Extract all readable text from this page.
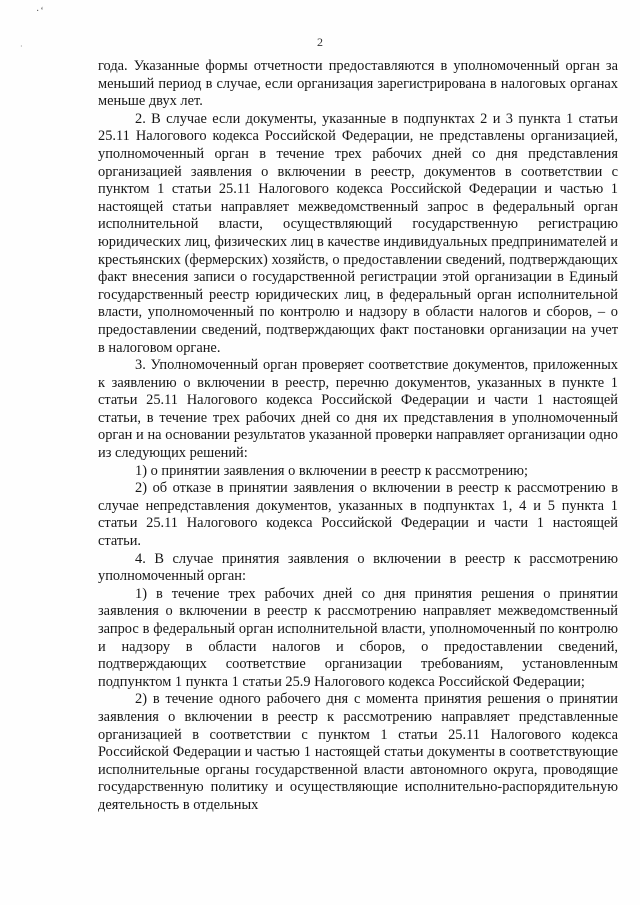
·‘
·	2

года. Указанные формы отчетности предоставляются в уполномоченный орган за меньший период в случае, если организация зарегистрирована в налоговых органах меньше двух лет.

2. В случае если документы, указанные в подпунктах 2 и 3 пункта 1 статьи 25.11 Налогового кодекса Российской Федерации, не представлены организацией, уполномоченный орган в течение трех рабочих дней со дня представления организацией заявления о включении в реестр, документов в соответствии с пунктом 1 статьи 25.11 Налогового кодекса Российской Федерации и частью 1 настоящей статьи направляет межведомственный запрос в федеральный орган исполнительной власти, осуществляющий государственную регистрацию юридических лиц, физических лиц в качестве индивидуальных предпринимателей и крестьянских (фермерских) хозяйств, о предоставлении сведений, подтверждающих факт внесения записи о государственной регистрации этой организации в Единый государственный реестр юридических лиц, в федеральный орган исполнительной власти, уполномоченный по контролю и надзору в области налогов и сборов, – о предоставлении сведений, подтверждающих факт постановки организации на учет в налоговом органе.

3. Уполномоченный орган проверяет соответствие документов, приложенных к заявлению о включении в реестр, перечню документов, указанных в пункте 1 статьи 25.11 Налогового кодекса Российской Федерации и части 1 настоящей статьи, в течение трех рабочих дней со дня их представления в уполномоченный орган и на основании результатов указанной проверки направляет организации одно из следующих решений:

1) о принятии заявления о включении в реестр к рассмотрению;

2) об отказе в принятии заявления о включении в реестр к рассмотрению в случае непредставления документов, указанных в подпунктах 1, 4 и 5 пункта 1 статьи 25.11 Налогового кодекса Российской Федерации и части 1 настоящей статьи.

4. В случае принятия заявления о включении в реестр к рассмотрению уполномоченный орган:

1) в течение трех рабочих дней со дня принятия решения о принятии заявления о включении в реестр к рассмотрению направляет межведомственный запрос в федеральный орган исполнительной власти, уполномоченный по контролю и надзору в области налогов и сборов, о предоставлении сведений, подтверждающих соответствие организации требованиям, установленным подпунктом 1 пункта 1 статьи 25.9 Налогового кодекса Российской Федерации;

2) в течение одного рабочего дня с момента принятия решения о принятии заявления о включении в реестр к рассмотрению направляет представленные организацией в соответствии с пунктом 1 статьи 25.11 Налогового кодекса Российской Федерации и частью 1 настоящей статьи документы в соответствующие исполнительные органы государственной власти автономного округа, проводящие государственную политику и осуществляющие исполнительно-распорядительную деятельность в отдельных
